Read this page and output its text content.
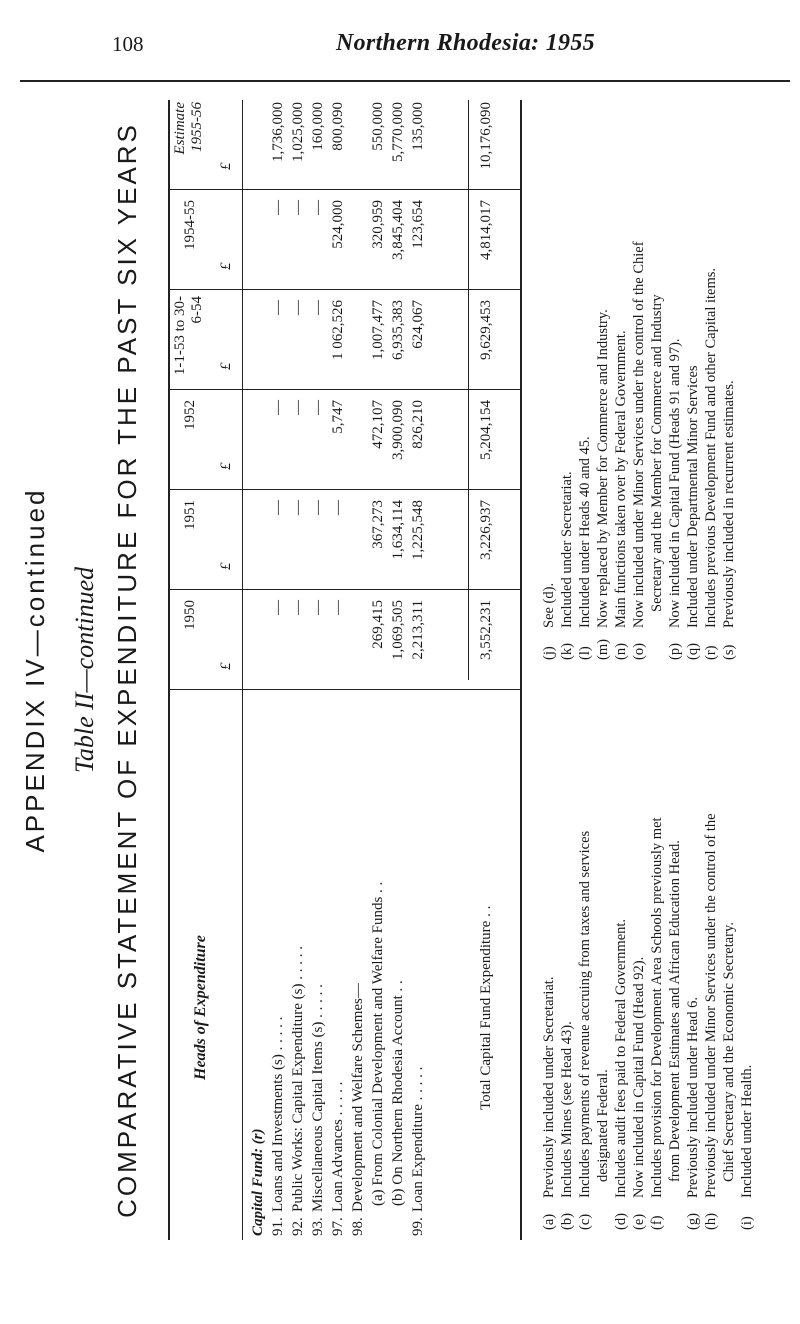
108	Northern Rhodesia: 1955
APPENDIX IV—continued Table II—continued COMPARATIVE STATEMENT OF EXPENDITURE FOR THE PAST SIX YEARS	Heads of Expenditure
1950
1951
1952
1-1-53 to 30-6-54
1954-55
Estimate 1955-56
£
£
£
£
£
£
Capital Fund: (r) 91.Loans and Investments (s) . . . . .
92.Public Works: Capital Expenditure (s) . . . . .
93.Miscellaneous Capital Items (s) . . . . .
97.Loan Advances . . . . .
98.Development and Welfare Schemes— (a) From Colonial Development and Welfare Funds . . (b) On Northern Rhodesia Account . .
99.Loan Expenditure . . . . .
Total Capital Fund Expenditure . .
—
—
—
—
—
1,736,000
—
—
—
—
—
1,025,000
—
—
—
—
—
160,000
—
—
5,747
1 062,526
524,000
800,090
269,415
367,273
472,107
1,007,477
320,959
550,000
1,069,505
1,634,114
3,900,090
6,935,383
3,845,404
5,770,000
2,213,311
1,225,548
826,210
624,067
123,654
135,000
3,552,231
3,226,937
5,204,154
9,629,453
4,814,017
10,176,090
(a)Previously included under Secretariat.
(b)Includes Mines (see Head 43).
(c)Includes payments of revenue accruing from taxes and services designated Federal.
(d)Includes audit fees paid to Federal Government.
(e)Now included in Capital Fund (Head 92).
(f)Includes provision for Development Area Schools previously met from Development Estimates and African Education Head.
(g)Previously included under Head 6.
(h)Previously included under Minor Services under the control of the Chief Secretary and the Economic Secretary.
(i)Included under Health.
(j)See (d).
(k)Included under Secretariat.
(l)Included under Heads 40 and 45.
(m)Now replaced by Member for Commerce and Industry.
(n)Main functions taken over by Federal Government.
(o)Now included under Minor Services under the control of the Chief Secretary and the Member for Commerce and Industry
(p)Now included in Capital Fund (Heads 91 and 97).
(q)Included under Departmental Minor Services
(r)Includes previous Development Fund and other Capital items.
(s)Previously included in recurrent estimates.
